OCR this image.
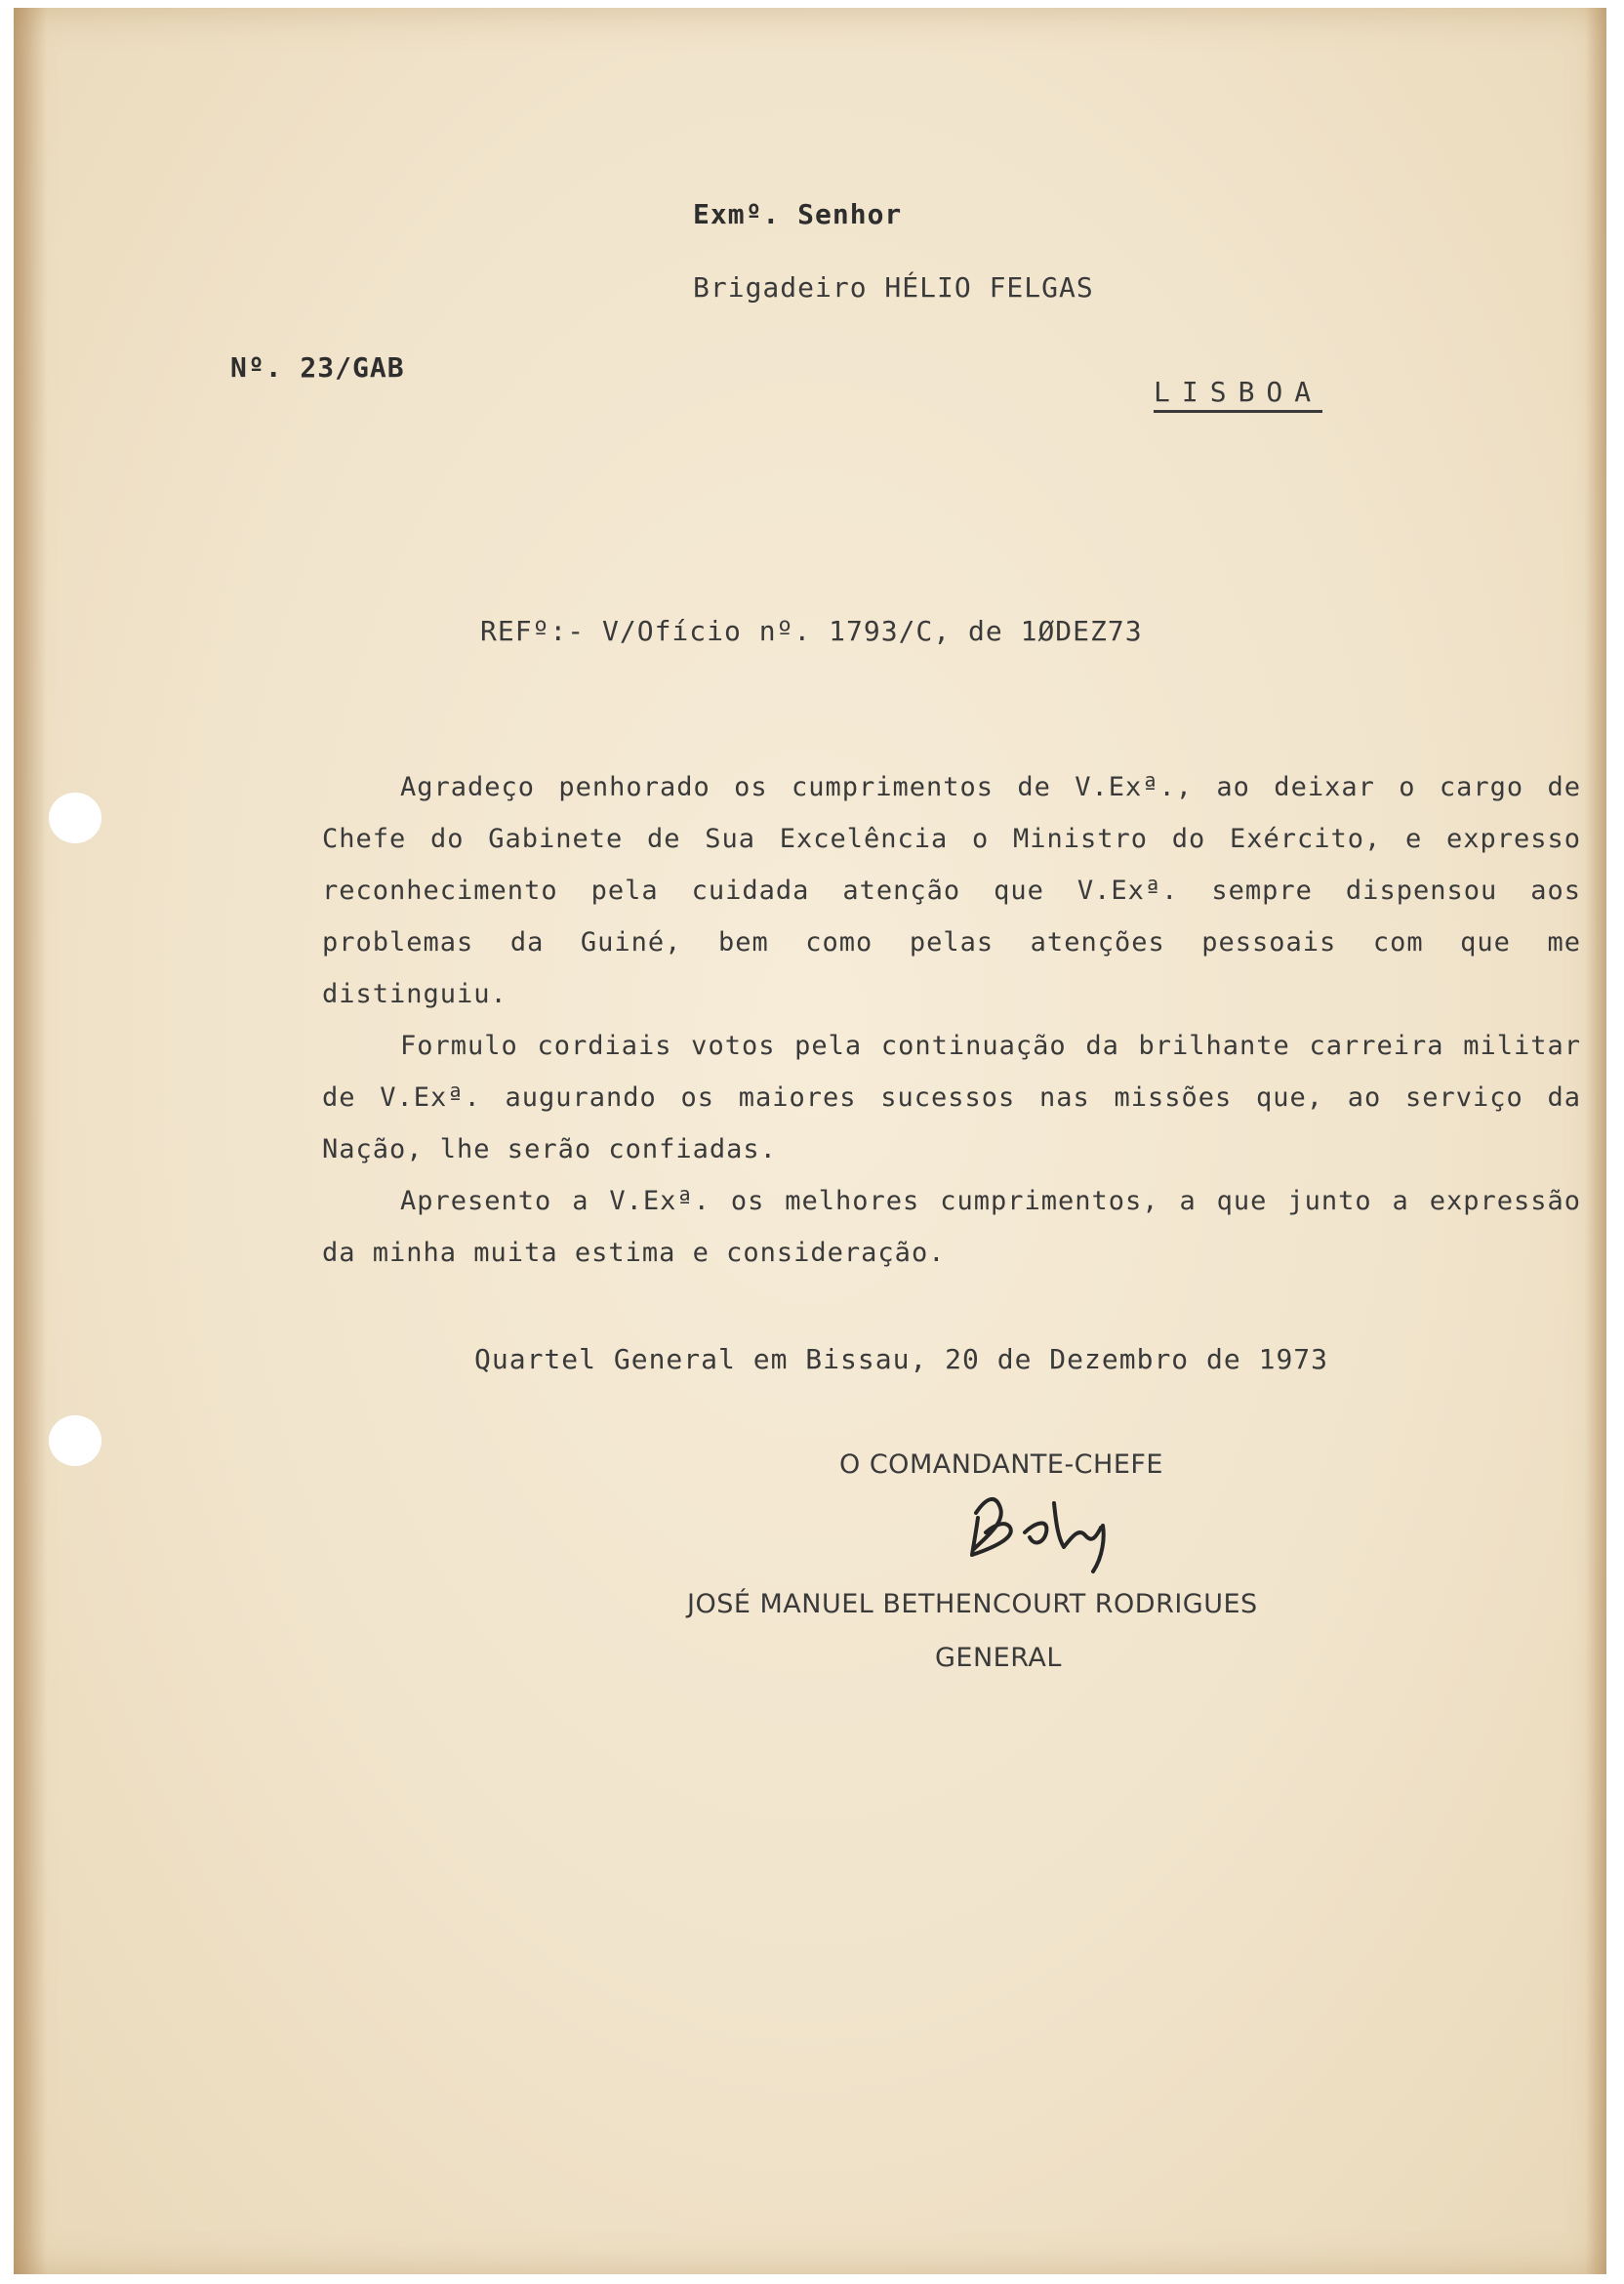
Exmº. Senhor
Brigadeiro HÉLIO FELGAS
Nº. 23/GAB
LISBOA
REFº:- V/Ofício nº. 1793/C, de 1ØDEZ73

Agradeço penhorado os cumprimentos de V.Exª., ao deixar o cargo de Chefe do Gabinete de Sua Excelência o Ministro do Exército, e expresso reconhecimento pela cuidada atenção que V.Exª. sempre dispensou aos problemas da Guiné, bem como pelas atenções pessoais com que me distinguiu.

Formulo cordiais votos pela continuação da brilhante carreira militar de V.Exª. augurando os maiores sucessos nas missões que, ao serviço da Nação, lhe serão confiadas.

Apresento a V.Exª. os melhores cumprimentos, a que junto a expressão da minha muita estima e consideração.

Quartel General em Bissau, 20 de Dezembro de 1973
O COMANDANTE-CHEFE
JOSÉ MANUEL BETHENCOURT RODRIGUES
GENERAL
